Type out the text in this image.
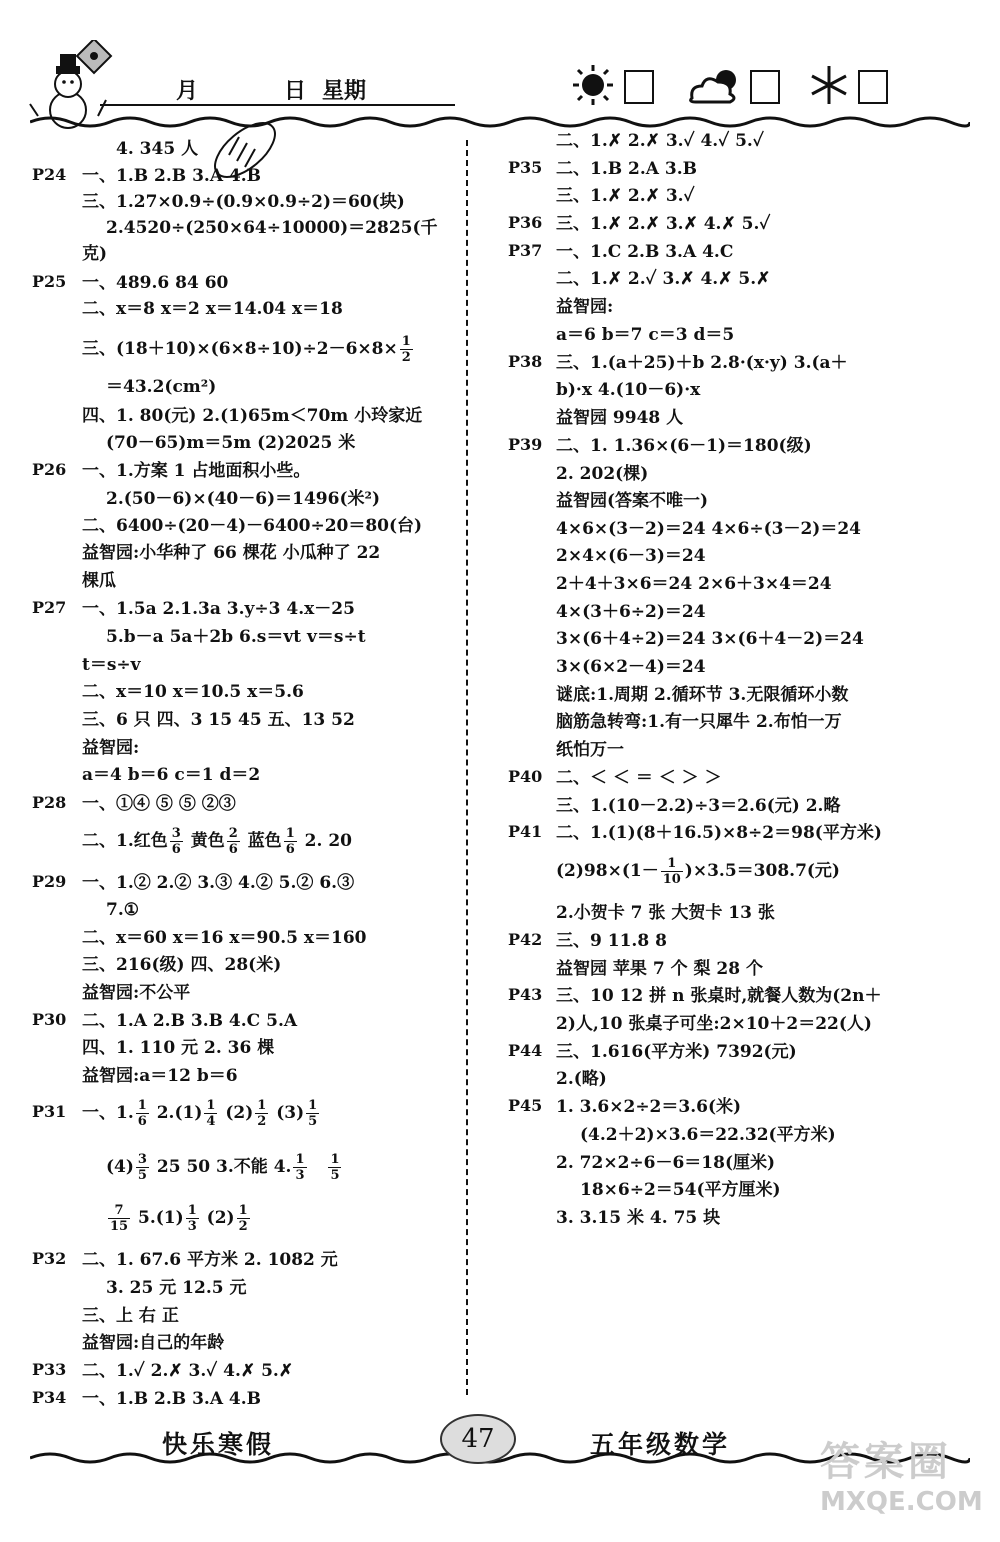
月	日 星期
4. 345 人
P24 一、1.B 2.B 3.A 4.B
三、1.27×0.9÷(0.9×0.9÷2)＝60(块)
2.4520÷(250×64÷10000)＝2825(千
克)
P25 一、489.6 84 60
二、x＝8 x＝2 x＝14.04 x＝18
三、$(18+10)\times(6\times 8\div 10)\div 2-6\times 8\times \frac{1}{2}$
＝43.2(cm²)
四、1. 80(元) 2.(1)65m＜70m 小玲家近
(70－65)m＝5m (2)2025 米
P26 一、1.方案 1 占地面积小些。
2.(50－6)×(40－6)＝1496(米²)
二、6400÷(20－4)－6400÷20＝80(台)
益智园:小华种了 66 棵花 小瓜种了 22
棵瓜
P27 一、1.5a 2.1.3a 3.y÷3 4.x－25
5.b－a 5a＋2b 6.s＝vt v＝s÷t
t＝s÷v
二、x＝10 x＝10.5 x＝5.6
三、6 只 四、3 15 45 五、13 52
益智园:
a＝4 b＝6 c＝1 d＝2
P28 一、①④ ⑤ ⑤ ②③
二、1.红色 $\frac{3}{6}$ 黄色 $\frac{2}{6}$ 蓝色 $\frac{1}{6} 2$. 20
P29 一、1.② 2.② 3.③ 4.② 5.② 6.③
7.①
二、x＝60 x＝16 x＝90.5 x＝160
三、216(级) 四、28(米)
益智园:不公平
P30 二、1.A 2.B 3.B 4.C 5.A
四、1. 110 元 2. 36 棵
益智园:a＝12 b＝6
P31 一、1. $\frac{1}{6} 2.(1) \frac{1}{4} (2) \frac{1}{2} (3) \frac{1}{5}$
$(4) \frac{3}{5} 25$ 50 3.不能 4. $\frac{1}{3}$
$\frac{1}{5}$
$\frac{7}{15} 5.(1) \frac{1}{3} (2) \frac{1}{2}$
P32 二、1. 67.6 平方米 2. 1082 元
3. 25 元 12.5 元
三、上 右 正
益智园:自己的年龄
P33 二、1.✓ 2.✗ 3.✓ 4.✗ 5.✗
P34 一、1.B 2.B 3.A 4.B
二、1.✗ 2.✗ 3.✓ 4.✓ 5.✓
P35 二、1.B 2.A 3.B
三、1.✗ 2.✗ 3.✓
P36 三、1.✗ 2.✗ 3.✗ 4.✗ 5.✓
P37 一、1.C 2.B 3.A 4.C
二、1.✗ 2.✓ 3.✗ 4.✗ 5.✗
益智园:
a＝6 b＝7 c＝3 d＝5
P38 三、1.(a＋25)＋b 2.8·(x·y) 3.(a＋
b)·x 4.(10－6)·x
益智园 9948 人
P39 二、1. 1.36×(6－1)＝180(级)
2. 202(棵)
益智园(答案不唯一)
4×6×(3－2)＝24 4×6÷(3－2)＝24
2×4×(6－3)＝24
2＋4＋3×6＝24 2×6＋3×4＝24
4×(3＋6÷2)＝24
3×(6＋4÷2)＝24 3×(6＋4－2)＝24
3×(6×2－4)＝24
谜底:1.周期 2.循环节 3.无限循环小数
脑筋急转弯:1.有一只犀牛 2.布怕一万
纸怕万一
P40 二、＜ ＜ ＝ ＜ ＞ ＞
三、1.(10－2.2)÷3＝2.6(元) 2.略
P41 二、1.(1)(8＋16.5)×8÷2＝98(平方米)
$(2)98\times(1- \frac{1}{10} )\times 3.5=308.7$(元)
2.小贺卡 7 张 大贺卡 13 张
P42 三、9 11.8 8
益智园 苹果 7 个 梨 28 个
P43 三、10 12 拼 n 张桌时,就餐人数为(2n＋
2)人,10 张桌子可坐:2×10＋2＝22(人)
P44 三、1.616(平方米) 7392(元)
2.(略)
P45 1. 3.6×2÷2＝3.6(米)
(4.2＋2)×3.6＝22.32(平方米)
2. 72×2÷6－6＝18(厘米)
18×6÷2＝54(平方厘米)
3. 3.15 米 4. 75 块
快乐寒假	47	五年级数学 答案圈
MXQE.COM
